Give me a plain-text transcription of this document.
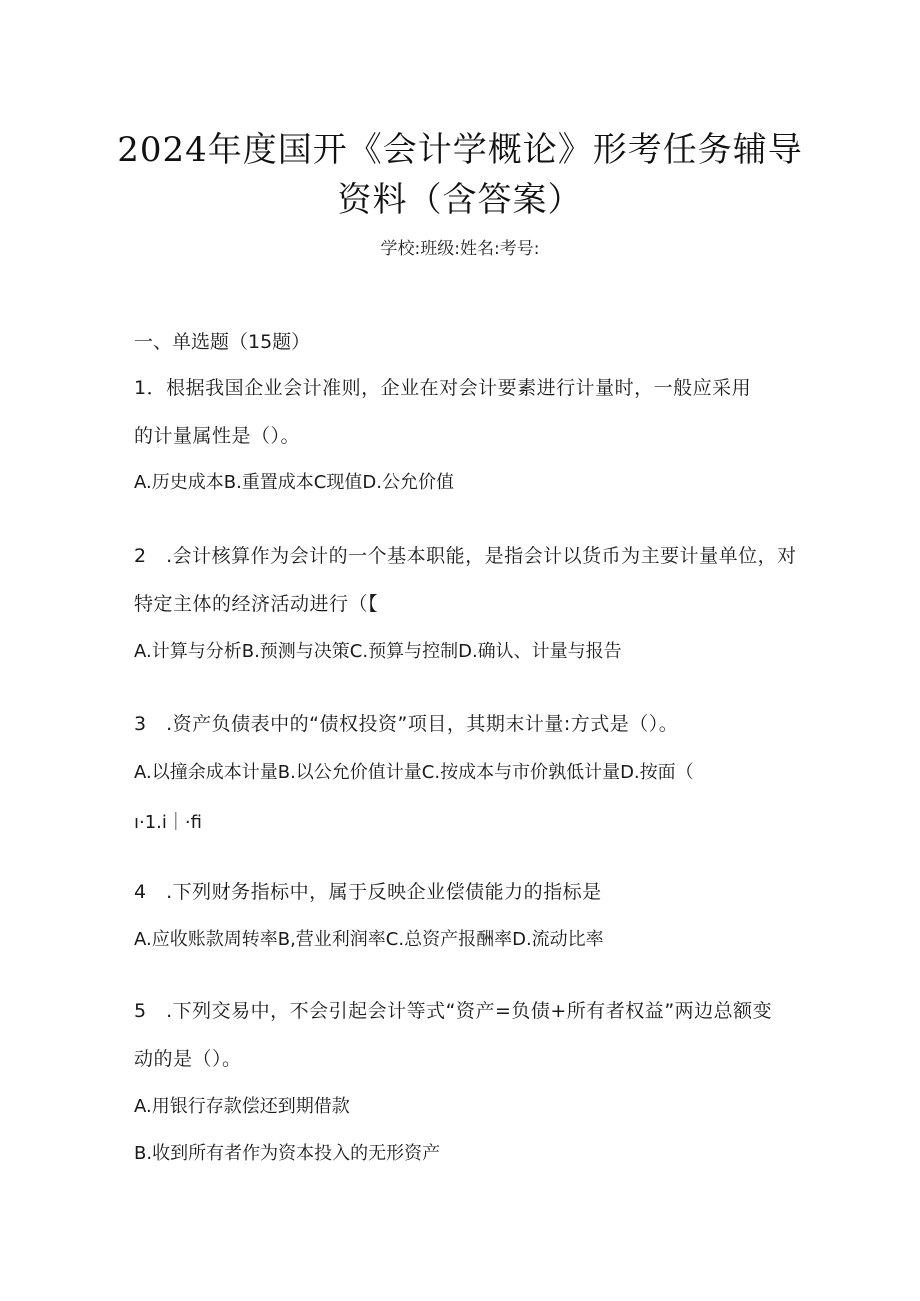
2024年度国开《会计学概论》形考任务辅导
资料（含答案）
学校:班级:姓名:考号:
一、单选题（15题）
1．根据我国企业会计准则，企业在对会计要素进行计量时，一般应采用
的计量属性是（）。
A.历史成本B.重置成本C现值D.公允价值
2　.会计核算作为会计的一个基本职能，是指会计以货币为主要计量单位，对
特定主体的经济活动进行（【
A.计算与分析B.预测与决策C.预算与控制D.确认、计量与报告
3　.资产负债表中的“债权投资”项目，其期末计量:方式是（）。
A.以撞余成本计量B.以公允价值计量C.按成本与市价孰低计量D.按面（
ı·1.i｜·fi
4　.下列财务指标中，属于反映企业偿债能力的指标是
A.应收账款周转率B,营业利润率C.总资产报酬率D.流动比率
5　.下列交易中，不会引起会计等式“资产=负债+所有者权益”两边总额变
动的是（）。
A.用银行存款偿还到期借款
B.收到所有者作为资本投入的无形资产
